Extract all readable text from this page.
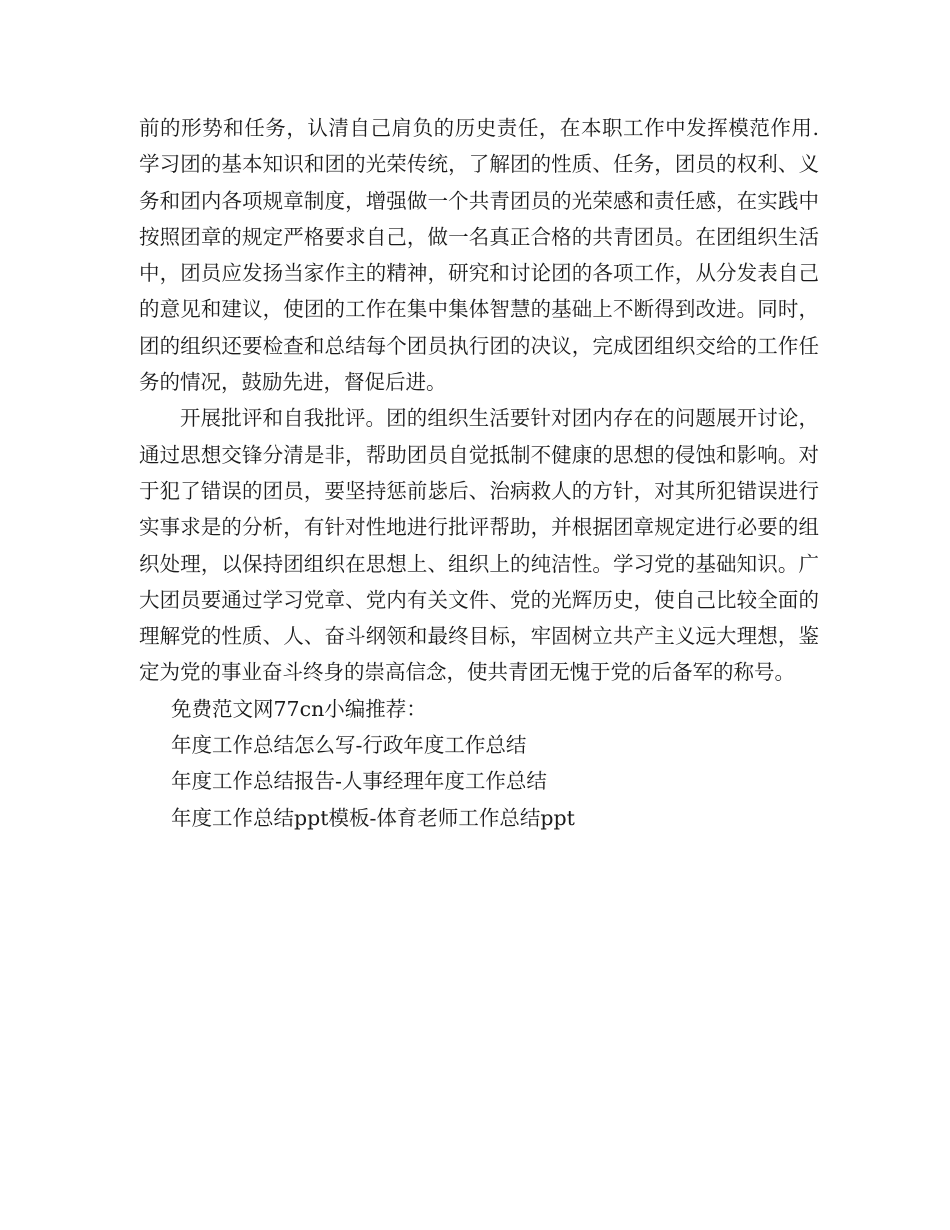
前的形势和任务，认清自己肩负的历史责任，在本职工作中发挥模范作用.学习团的基本知识和团的光荣传统，了解团的性质、任务，团员的权利、义务和团内各项规章制度，增强做一个共青团员的光荣感和责任感，在实践中按照团章的规定严格要求自己，做一名真正合格的共青团员。在团组织生活中，团员应发扬当家作主的精神，研究和讨论团的各项工作，从分发表自己的意见和建议，使团的工作在集中集体智慧的基础上不断得到改进。同时，团的组织还要检查和总结每个团员执行团的决议，完成团组织交给的工作任务的情况，鼓励先进，督促后进。

开展批评和自我批评。团的组织生活要针对团内存在的问题展开讨论，通过思想交锋分清是非，帮助团员自觉抵制不健康的思想的侵蚀和影响。对于犯了错误的团员，要坚持惩前毖后、治病救人的方针，对其所犯错误进行实事求是的分析，有针对性地进行批评帮助，并根据团章规定进行必要的组织处理，以保持团组织在思想上、组织上的纯洁性。学习党的基础知识。广大团员要通过学习党章、党内有关文件、党的光辉历史，使自己比较全面的理解党的性质、人、奋斗纲领和最终目标，牢固树立共产主义远大理想，鉴定为党的事业奋斗终身的崇高信念，使共青团无愧于党的后备军的称号。

免费范文网77cn小编推荐：

年度工作总结怎么写-行政年度工作总结

年度工作总结报告-人事经理年度工作总结

年度工作总结ppt模板-体育老师工作总结ppt
